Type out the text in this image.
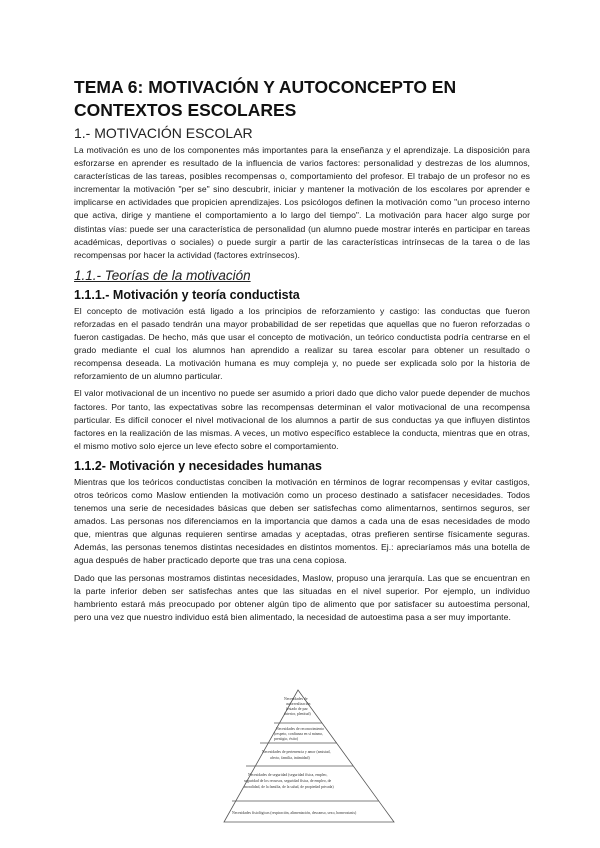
TEMA 6: MOTIVACIÓN Y AUTOCONCEPTO EN CONTEXTOS ESCOLARES
1.- MOTIVACIÓN ESCOLAR

La motivación es uno de los componentes más importantes para la enseñanza y el aprendizaje. La disposición para esforzarse en aprender es resultado de la influencia de varios factores: personalidad y destrezas de los alumnos, características de las tareas, posibles recompensas o, comportamiento del profesor. El trabajo de un profesor no es incrementar la motivación "per se" sino descubrir, iniciar y mantener la motivación de los escolares por aprender e implicarse en actividades que propicien aprendizajes. Los psicólogos definen la motivación como "un proceso interno que activa, dirige y mantiene el comportamiento a lo largo del tiempo". La motivación para hacer algo surge por distintas vías: puede ser una característica de personalidad (un alumno puede mostrar interés en participar en tareas académicas, deportivas o sociales) o puede surgir a partir de las características intrínsecas de la tarea o de las recompensas por hacer la actividad (factores extrínsecos).

1.1.- Teorías de la motivación
1.1.1.- Motivación y teoría conductista

El concepto de motivación está ligado a los principios de reforzamiento y castigo: las conductas que fueron reforzadas en el pasado tendrán una mayor probabilidad de ser repetidas que aquellas que no fueron reforzadas o fueron castigadas. De hecho, más que usar el concepto de motivación, un teórico conductista podría centrarse en el grado mediante el cual los alumnos han aprendido a realizar su tarea escolar para obtener un resultado o recompensa deseada. La motivación humana es muy compleja y, no puede ser explicada solo por la historia de reforzamiento de un alumno particular.

El valor motivacional de un incentivo no puede ser asumido a priori dado que dicho valor puede depender de muchos factores. Por tanto, las expectativas sobre las recompensas determinan el valor motivacional de una recompensa particular. Es difícil conocer el nivel motivacional de los alumnos a partir de sus conductas ya que influyen distintos factores en la realización de las mismas. A veces, un motivo específico establece la conducta, mientras que en otras, el mismo motivo solo ejerce un leve efecto sobre el comportamiento.

1.1.2- Motivación y necesidades humanas

Mientras que los teóricos conductistas conciben la motivación en términos de lograr recompensas y evitar castigos, otros teóricos como Maslow entienden la motivación como un proceso destinado a satisfacer necesidades. Todos tenemos una serie de necesidades básicas que deben ser satisfechas como alimentarnos, sentirnos seguros, ser amados. Las personas nos diferenciamos en la importancia que damos a cada una de esas necesidades de modo que, mientras que algunas requieren sentirse amadas y aceptadas, otras prefieren sentirse físicamente seguras. Además, las personas tenemos distintas necesidades en distintos momentos. Ej.: apreciaríamos más una botella de agua después de haber practicado deporte que tras una cena copiosa.

Dado que las personas mostramos distintas necesidades, Maslow, propuso una jerarquía. Las que se encuentran en la parte inferior deben ser satisfechas antes que las situadas en el nivel superior. Por ejemplo, un individuo hambriento estará más preocupado por obtener algún tipo de alimento que por satisfacer su autoestima personal, pero una vez que nuestro individuo está bien alimentado, la necesidad de autoestima pasa a ser muy importante.

Necesidades de
autorrealización
(estado de paz
interior, plenitud)
Necesidades de reconocimiento
(respeto, confianza en sí mismo,
prestigio, éxito)
Necesidades de pertenencia y amor (amistad,
afecto, familia, intimidad)
Necesidades de seguridad (seguridad física, empleo,
seguridad de los recursos, seguridad física, de empleo, de
moralidad, de la familia, de la salud, de propiedad privada)
Necesidades fisiológicas (respiración, alimentación, descanso, sexo, homeostasis)
